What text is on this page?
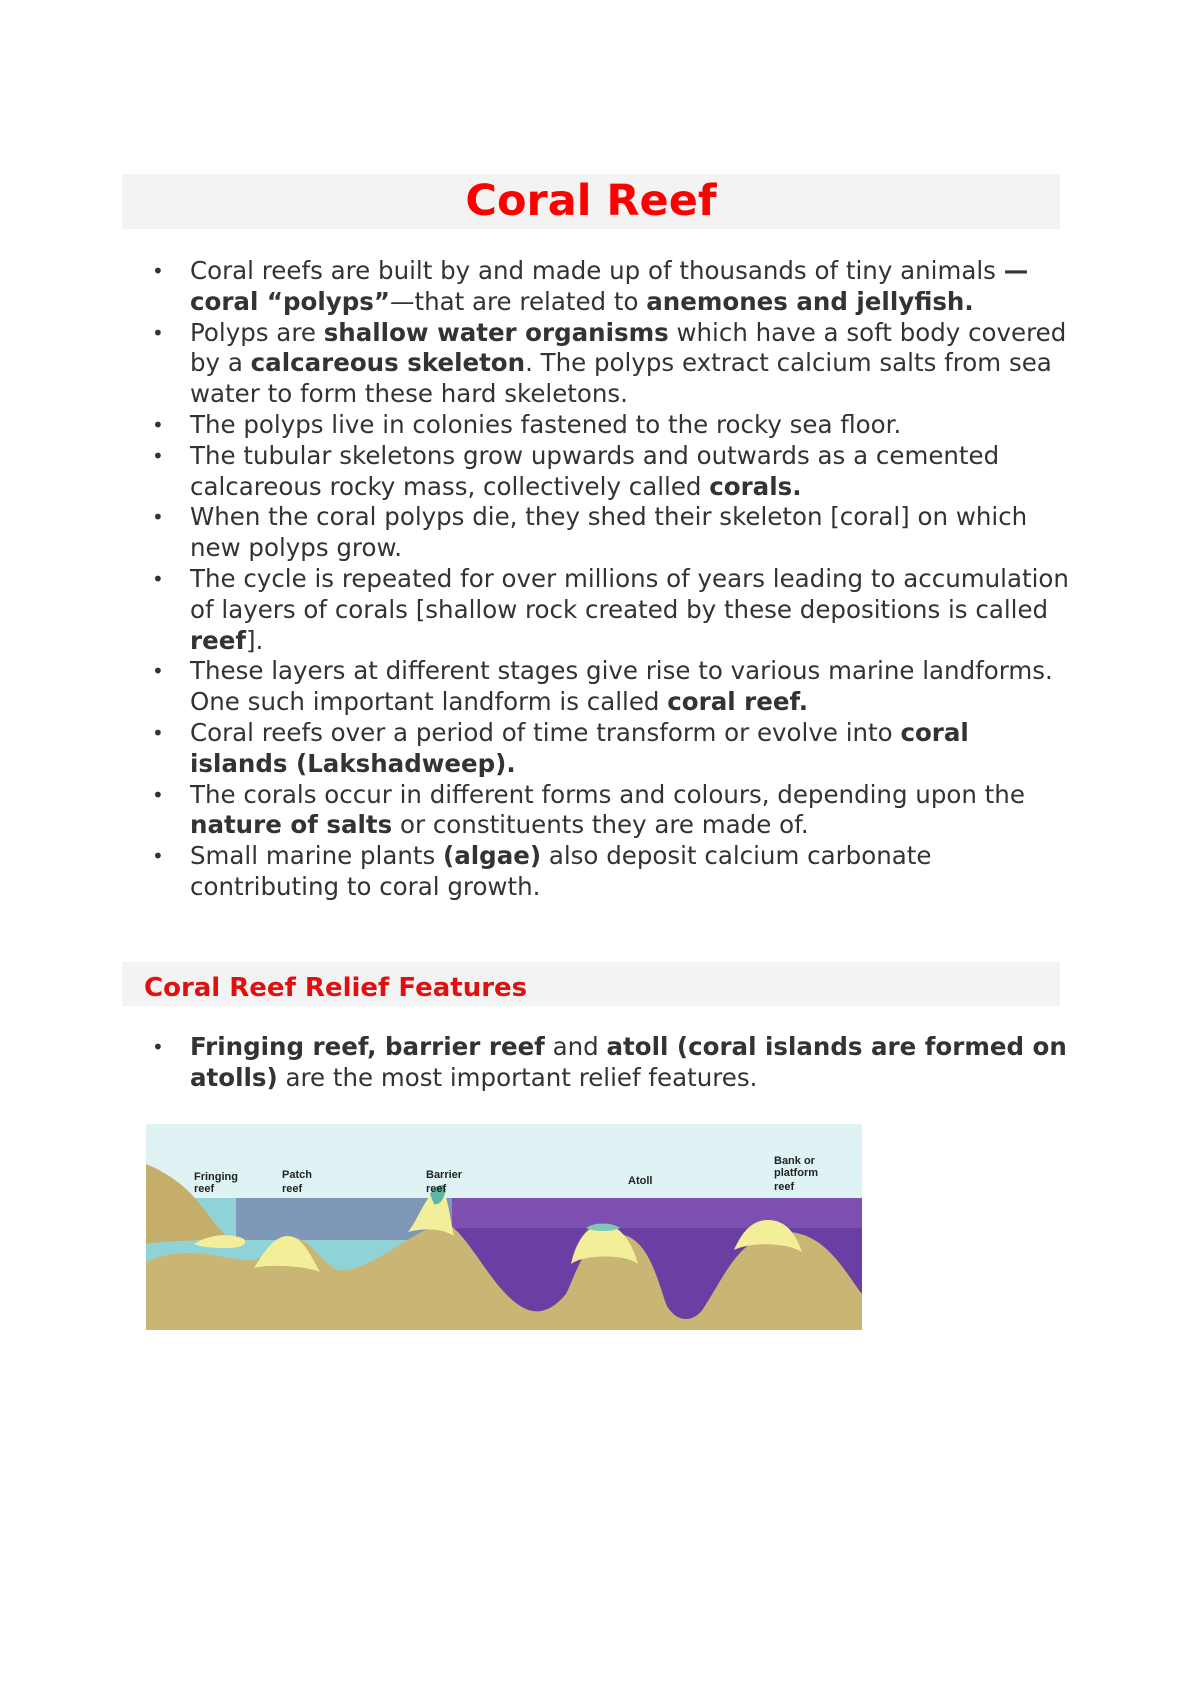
Coral Reef
• Coral reefs are built by and made up of thousands of tiny animals —coral “polyps”—that are related to anemones and jellyfish.
• Polyps are shallow water organisms which have a soft body covered by a calcareous skeleton. The polyps extract calcium salts from sea water to form these hard skeletons.
• The polyps live in colonies fastened to the rocky sea floor.
• The tubular skeletons grow upwards and outwards as a cemented calcareous rocky mass, collectively called corals.
• When the coral polyps die, they shed their skeleton [coral] on which new polyps grow.
• The cycle is repeated for over millions of years leading to accumulation of layers of corals [shallow rock created by these depositions is called reef].
• These layers at different stages give rise to various marine landforms. One such important landform is called coral reef.
• Coral reefs over a period of time transform or evolve into coral islands (Lakshadweep).
• The corals occur in different forms and colours, depending upon the nature of salts or constituents they are made of.
• Small marine plants (algae) also deposit calcium carbonate contributing to coral growth.
Coral Reef Relief Features
• Fringing reef, barrier reef and atoll (coral islands are formed on atolls) are the most important relief features.
Fringing
reef
Patch
reef
Barrier
reef
Atoll
Bank or
platform
reef
